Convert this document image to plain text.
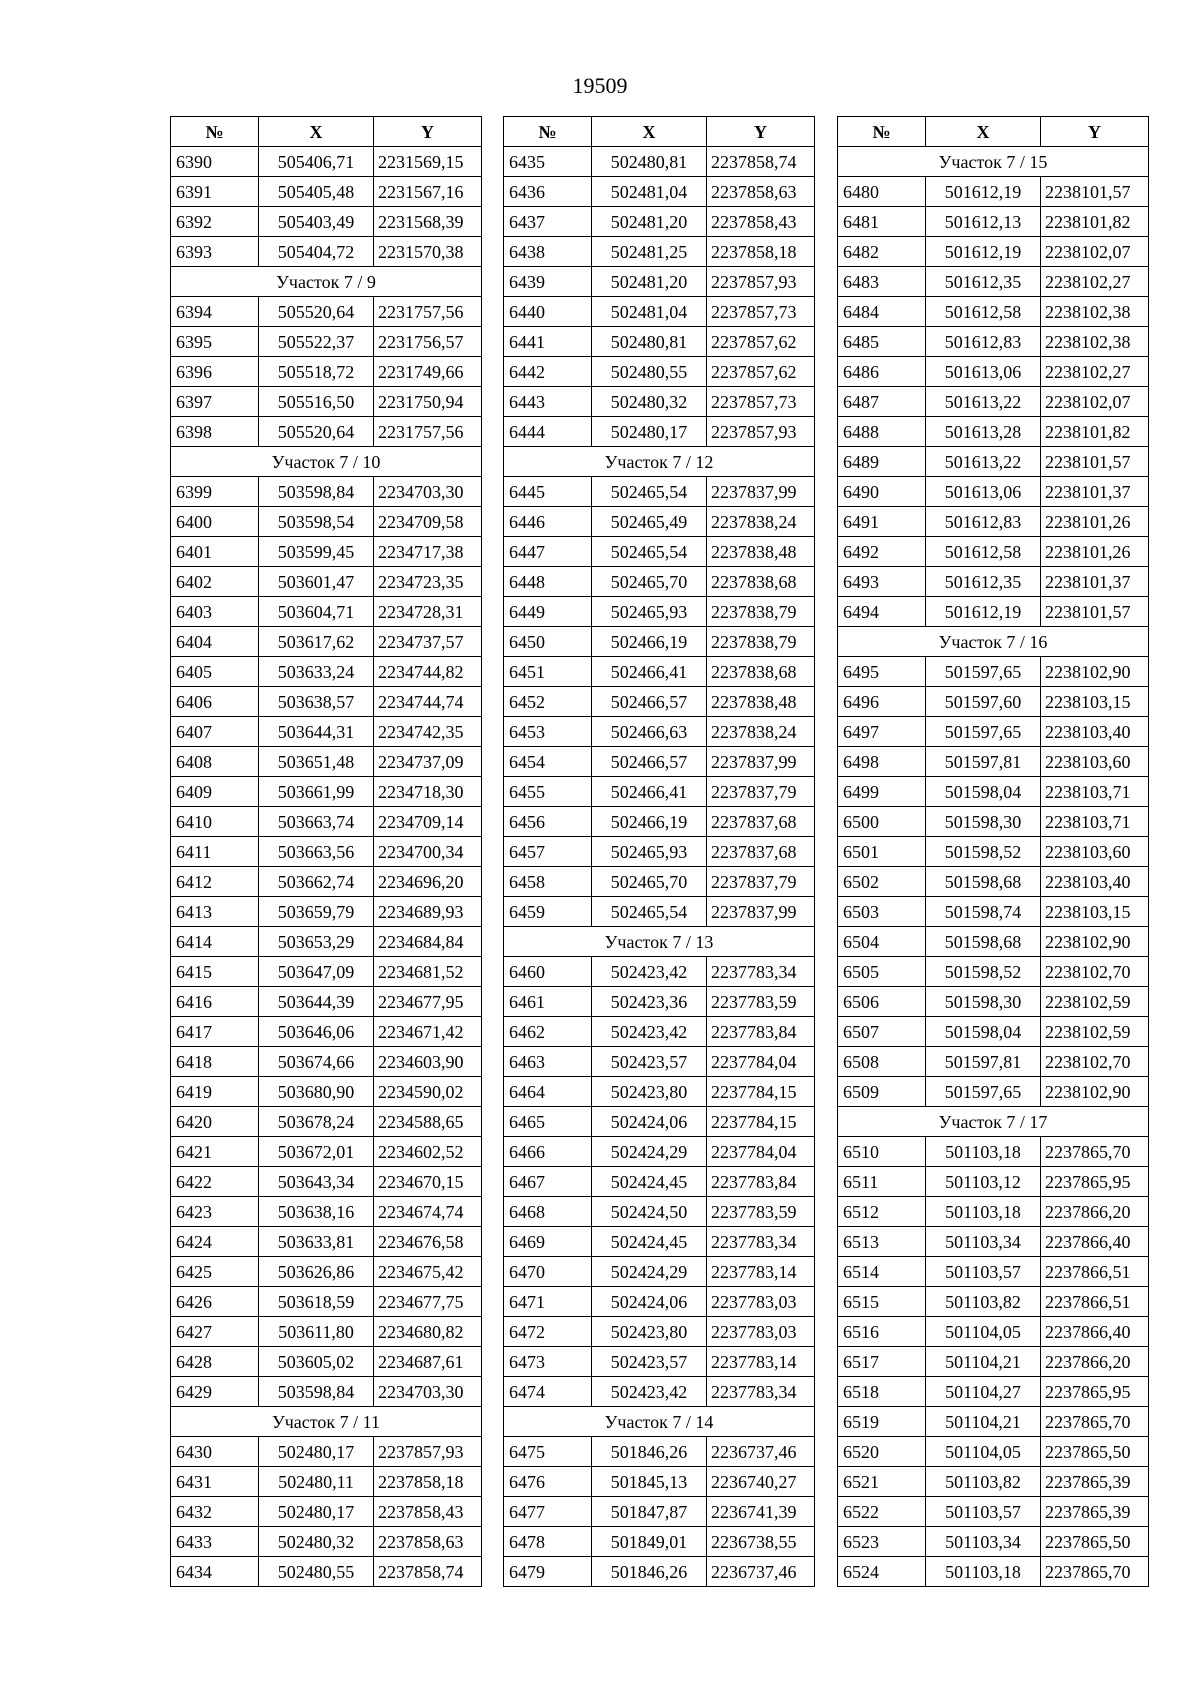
19509
№	X	Y
6390	505406,71	2231569,15
6391	505405,48	2231567,16
6392	505403,49	2231568,39
6393	505404,72	2231570,38
Участок 7 / 9		
6394	505520,64	2231757,56
6395	505522,37	2231756,57
6396	505518,72	2231749,66
6397	505516,50	2231750,94
6398	505520,64	2231757,56
Участок 7 / 10		
6399	503598,84	2234703,30
6400	503598,54	2234709,58
6401	503599,45	2234717,38
6402	503601,47	2234723,35
6403	503604,71	2234728,31
6404	503617,62	2234737,57
6405	503633,24	2234744,82
6406	503638,57	2234744,74
6407	503644,31	2234742,35
6408	503651,48	2234737,09
6409	503661,99	2234718,30
6410	503663,74	2234709,14
6411	503663,56	2234700,34
6412	503662,74	2234696,20
6413	503659,79	2234689,93
6414	503653,29	2234684,84
6415	503647,09	2234681,52
6416	503644,39	2234677,95
6417	503646,06	2234671,42
6418	503674,66	2234603,90
6419	503680,90	2234590,02
6420	503678,24	2234588,65
6421	503672,01	2234602,52
6422	503643,34	2234670,15
6423	503638,16	2234674,74
6424	503633,81	2234676,58
6425	503626,86	2234675,42
6426	503618,59	2234677,75
6427	503611,80	2234680,82
6428	503605,02	2234687,61
6429	503598,84	2234703,30
Участок 7 / 11		
6430	502480,17	2237857,93
6431	502480,11	2237858,18
6432	502480,17	2237858,43
6433	502480,32	2237858,63
6434	502480,55	2237858,74
№	X	Y
6435	502480,81	2237858,74
6436	502481,04	2237858,63
6437	502481,20	2237858,43
6438	502481,25	2237858,18
6439	502481,20	2237857,93
6440	502481,04	2237857,73
6441	502480,81	2237857,62
6442	502480,55	2237857,62
6443	502480,32	2237857,73
6444	502480,17	2237857,93
Участок 7 / 12		
6445	502465,54	2237837,99
6446	502465,49	2237838,24
6447	502465,54	2237838,48
6448	502465,70	2237838,68
6449	502465,93	2237838,79
6450	502466,19	2237838,79
6451	502466,41	2237838,68
6452	502466,57	2237838,48
6453	502466,63	2237838,24
6454	502466,57	2237837,99
6455	502466,41	2237837,79
6456	502466,19	2237837,68
6457	502465,93	2237837,68
6458	502465,70	2237837,79
6459	502465,54	2237837,99
Участок 7 / 13		
6460	502423,42	2237783,34
6461	502423,36	2237783,59
6462	502423,42	2237783,84
6463	502423,57	2237784,04
6464	502423,80	2237784,15
6465	502424,06	2237784,15
6466	502424,29	2237784,04
6467	502424,45	2237783,84
6468	502424,50	2237783,59
6469	502424,45	2237783,34
6470	502424,29	2237783,14
6471	502424,06	2237783,03
6472	502423,80	2237783,03
6473	502423,57	2237783,14
6474	502423,42	2237783,34
Участок 7 / 14		
6475	501846,26	2236737,46
6476	501845,13	2236740,27
6477	501847,87	2236741,39
6478	501849,01	2236738,55
6479	501846,26	2236737,46
№	X	Y
Участок 7 / 15		
6480	501612,19	2238101,57
6481	501612,13	2238101,82
6482	501612,19	2238102,07
6483	501612,35	2238102,27
6484	501612,58	2238102,38
6485	501612,83	2238102,38
6486	501613,06	2238102,27
6487	501613,22	2238102,07
6488	501613,28	2238101,82
6489	501613,22	2238101,57
6490	501613,06	2238101,37
6491	501612,83	2238101,26
6492	501612,58	2238101,26
6493	501612,35	2238101,37
6494	501612,19	2238101,57
Участок 7 / 16		
6495	501597,65	2238102,90
6496	501597,60	2238103,15
6497	501597,65	2238103,40
6498	501597,81	2238103,60
6499	501598,04	2238103,71
6500	501598,30	2238103,71
6501	501598,52	2238103,60
6502	501598,68	2238103,40
6503	501598,74	2238103,15
6504	501598,68	2238102,90
6505	501598,52	2238102,70
6506	501598,30	2238102,59
6507	501598,04	2238102,59
6508	501597,81	2238102,70
6509	501597,65	2238102,90
Участок 7 / 17		
6510	501103,18	2237865,70
6511	501103,12	2237865,95
6512	501103,18	2237866,20
6513	501103,34	2237866,40
6514	501103,57	2237866,51
6515	501103,82	2237866,51
6516	501104,05	2237866,40
6517	501104,21	2237866,20
6518	501104,27	2237865,95
6519	501104,21	2237865,70
6520	501104,05	2237865,50
6521	501103,82	2237865,39
6522	501103,57	2237865,39
6523	501103,34	2237865,50
6524	501103,18	2237865,70
